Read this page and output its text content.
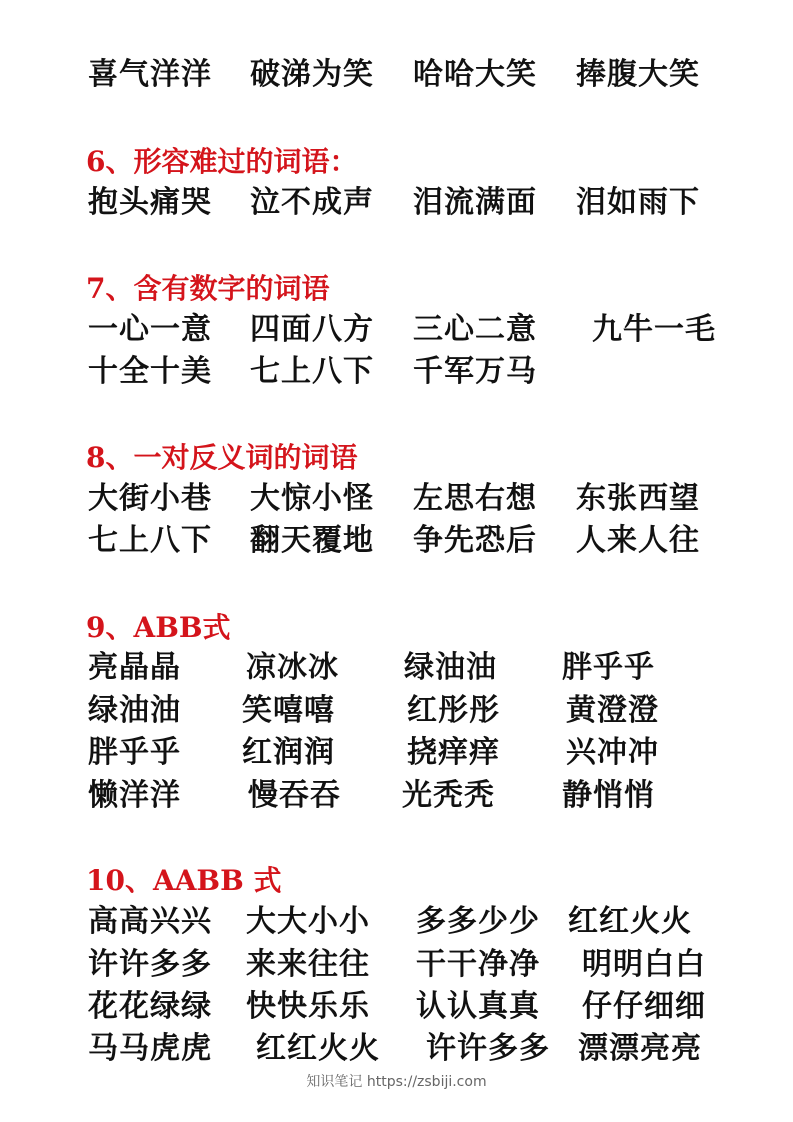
喜气洋洋 破涕为笑 哈哈大笑 捧腹大笑
6、形容难过的词语：
抱头痛哭 泣不成声 泪流满面 泪如雨下
7、含有数字的词语
一心一意 四面八方 三心二意 九牛一毛
十全十美 七上八下 千军万马
8、一对反义词的词语
大街小巷 大惊小怪 左思右想 东张西望
七上八下 翻天覆地 争先恐后 人来人往
9、ABB式
亮晶晶 凉冰冰 绿油油 胖乎乎
绿油油 笑嘻嘻 红彤彤 黄澄澄
胖乎乎 红润润 挠痒痒 兴冲冲
懒洋洋 慢吞吞 光秃秃 静悄悄
10、AABB 式
高高兴兴 大大小小 多多少少 红红火火
许许多多 来来往往 干干净净 明明白白
花花绿绿 快快乐乐 认认真真 仔仔细细
马马虎虎 红红火火 许许多多 漂漂亮亮
知识笔记 https://zsbiji.com
